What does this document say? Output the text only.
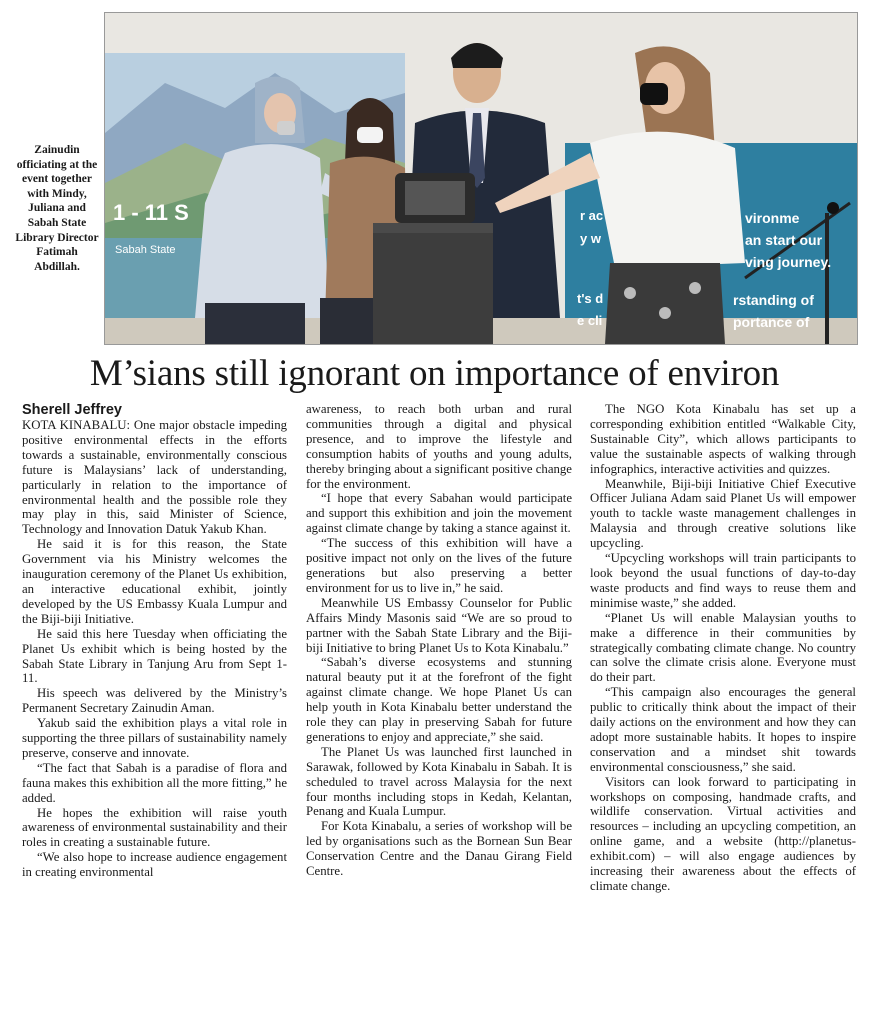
Zainudin officiating at the event together with Mindy, Juliana and Sabah State Library Director Fatimah Abdillah.
1 - 11 S
Sabah State
r ac
y w
t's d
e cli
vironme
an start our
ving journey.
rstanding of
portance of
M’sians still ignorant on importance of environ
Sherell Jeffrey

KOTA KINABALU: One major obstacle impeding positive environmental effects in the efforts towards a sustainable, environmentally conscious future is Malaysians’ lack of understanding, particularly in relation to the importance of environmental health and the possible role they may play in this, said Minister of Science, Technology and Innovation Datuk Yakub Khan.

He said it is for this reason, the State Government via his Ministry welcomes the inauguration ceremony of the Planet Us exhibition, an interactive educational exhibit, jointly developed by the US Embassy Kuala Lumpur and the Biji-biji Initiative.

He said this here Tuesday when officiating the Planet Us exhibit which is being hosted by the Sabah State Library in Tanjung Aru from Sept 1-11.

His speech was delivered by the Ministry’s Permanent Secretary Zainudin Aman.

Yakub said the exhibition plays a vital role in supporting the three pillars of sustainability namely preserve, conserve and innovate.

“The fact that Sabah is a paradise of flora and fauna makes this exhibition all the more fitting,” he added.

He hopes the exhibition will raise youth awareness of environmental sustainability and their roles in creating a sustainable future.

“We also hope to increase audience engagement in creating environmental

awareness, to reach both urban and rural communities through a digital and physical presence, and to improve the lifestyle and consumption habits of youths and young adults, thereby bringing about a significant positive change for the environment.

“I hope that every Sabahan would participate and support this exhibition and join the movement against climate change by taking a stance against it.

“The success of this exhibition will have a positive impact not only on the lives of the future generations but also preserving a better environment for us to live in,” he said.

Meanwhile US Embassy Counselor for Public Affairs Mindy Masonis said “We are so proud to partner with the Sabah State Library and the Biji-biji Initiative to bring Planet Us to Kota Kinabalu.”

“Sabah’s diverse ecosystems and stunning natural beauty put it at the forefront of the fight against climate change. We hope Planet Us can help youth in Kota Kinabalu better understand the role they can play in preserving Sabah for future generations to enjoy and appreciate,” she said.

The Planet Us was launched first launched in Sarawak, followed by Kota Kinabalu in Sabah. It is scheduled to travel across Malaysia for the next four months including stops in Kedah, Kelantan, Penang and Kuala Lumpur.

For Kota Kinabalu, a series of workshop will be led by organisations such as the Bornean Sun Bear Conservation Centre and the Danau Girang Field Centre.

The NGO Kota Kinabalu has set up a corresponding exhibition entitled “Walkable City, Sustainable City”, which allows participants to value the sustainable aspects of walking through infographics, interactive activities and quizzes.

Meanwhile, Biji-biji Initiative Chief Executive Officer Juliana Adam said Planet Us will empower youth to tackle waste management challenges in Malaysia and through creative solutions like upcycling.

“Upcycling workshops will train participants to look beyond the usual functions of day-to-day waste products and find ways to reuse them and minimise waste,” she added.

“Planet Us will enable Malaysian youths to make a difference in their communities by strategically combating climate change. No country can solve the climate crisis alone. Everyone must do their part.

“This campaign also encourages the general public to critically think about the impact of their daily actions on the environment and how they can adopt more sustainable habits. It hopes to inspire conservation and a mindset shit towards environmental consciousness,” she said.

Visitors can look forward to participating in workshops on composing, handmade crafts, and wildlife conservation. Virtual activities and resources – including an upcycling competition, an online game, and a website (http://planetus-exhibit.com) – will also engage audiences by increasing their awareness about the effects of climate change.
